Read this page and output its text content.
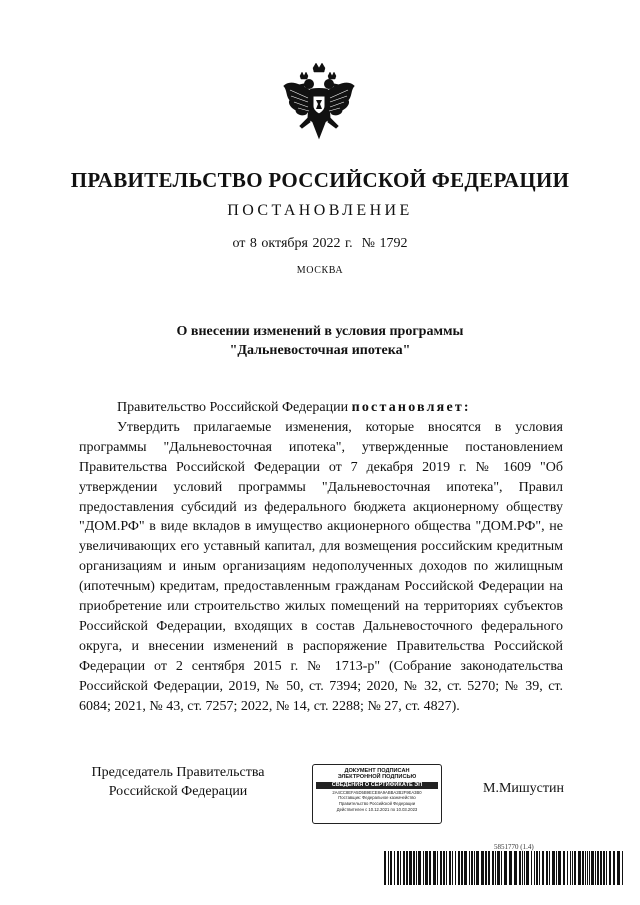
ПРАВИТЕЛЬСТВО РОССИЙСКОЙ ФЕДЕРАЦИИ
ПОСТАНОВЛЕНИЕ
от 8 октября 2022 г.  № 1792
МОСКВА
О внесении изменений в условия программы
"Дальневосточная ипотека"

Правительство Российской Федерации постановляет:

Утвердить прилагаемые изменения, которые вносятся в условия программы "Дальневосточная ипотека", утвержденные постановлением Правительства Российской Федерации от 7 декабря 2019 г. № 1609 "Об утверждении условий программы "Дальневосточная ипотека", Правил предоставления субсидий из федерального бюджета акционерному обществу "ДОМ.РФ" в виде вкладов в имущество акционерного общества "ДОМ.РФ", не увеличивающих его уставный капитал, для возмещения российским кредитным организациям и иным организациям недополученных доходов по жилищным (ипотечным) кредитам, предоставленным гражданам Российской Федерации на приобретение или строительство жилых помещений на территориях субъектов Российской Федерации, входящих в состав Дальневосточного федерального округа, и внесении изменений в распоряжение Правительства Российской Федерации от 2 сентября 2015 г. № 1713-р" (Собрание законодательства Российской Федерации, 2019, № 50, ст. 7394; 2020, № 32, ст. 5270; № 39, ст. 6084; 2021, № 43, ст. 7257; 2022, № 14, ст. 2288; № 27, ст. 4827).

Председатель Правительства
Российской Федерации
ДОКУМЕНТ ПОДПИСАН
ЭЛЕКТРОННОЙ ПОДПИСЬЮ
СВЕДЕНИЯ О СЕРТИФИКАТЕ ЭП
2A4CC8EFA5D5B9ECE8A9ABBA2B2F9EA3B0
Поставщик: Федеральное казначейство
Правительство Российской Федерации
Действителен с 10.12.2021 по 10.03.2023
М.Мишустин
5851770 (1.4)
